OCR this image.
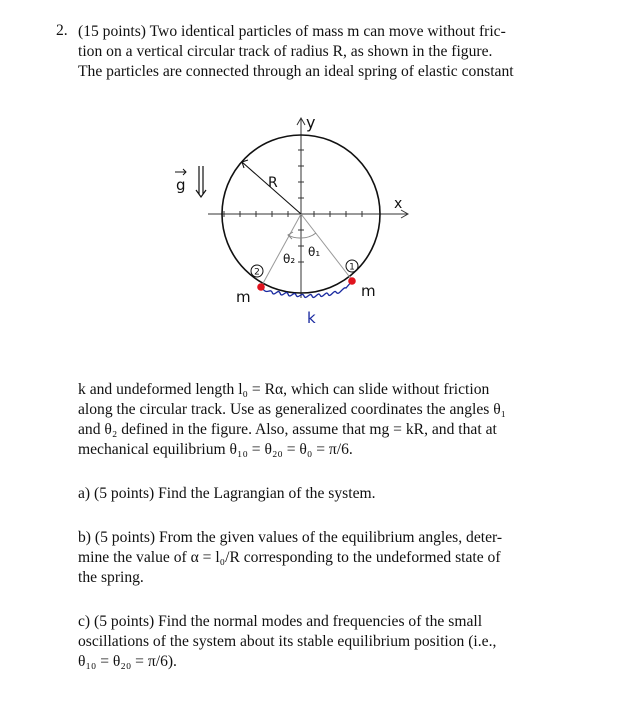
2. (15 points) Two identical particles of mass m can move without fric-
tion on a vertical circular track of radius R, as shown in the figure.
The particles are connected through an ideal spring of elastic constant
1
2
g
y
x
R
θ₁
θ₂
m	m
k
k and undeformed length l₀ = Rα, which can slide without friction
along the circular track. Use as generalized coordinates the angles θ₁
and θ₂ defined in the figure. Also, assume that mg = kR, and that at
mechanical equilibrium θ₁₀ = θ₂₀ = θ₀ = π/6.
a) (5 points) Find the Lagrangian of the system.
b) (5 points) From the given values of the equilibrium angles, deter-
mine the value of α = l₀/R corresponding to the undeformed state of
the spring.
c) (5 points) Find the normal modes and frequencies of the small
oscillations of the system about its stable equilibrium position (i.e.,
θ₁₀ = θ₂₀ = π/6).
